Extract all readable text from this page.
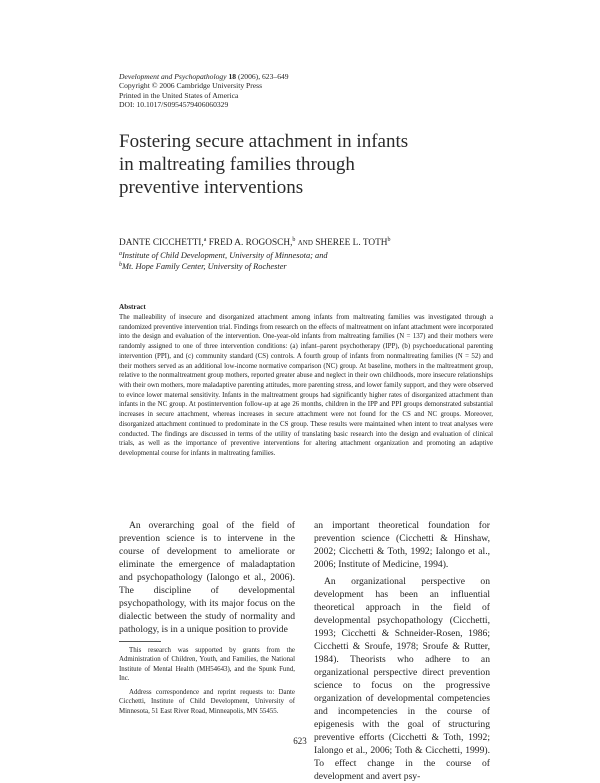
Development and Psychopathology 18 (2006), 623–649
Copyright © 2006 Cambridge University Press
Printed in the United States of America
DOI: 10.1017/S0954579406060329
Fostering secure attachment in infants
in maltreating families through
preventive interventions
DANTE CICCHETTI,$^a$ FRED A. ROGOSCH,$^b$ and SHEREE L. TOTH$^b$
$^a$Institute of Child Development, University of Minnesota; and
$^b$Mt. Hope Family Center, University of Rochester
Abstract
The malleability of insecure and disorganized attachment among infants from maltreating families was investigated through a randomized preventive intervention trial. Findings from research on the effects of maltreatment on infant attachment were incorporated into the design and evaluation of the intervention. One-year-old infants from maltreating families (N = 137) and their mothers were randomly assigned to one of three intervention conditions: (a) infant–parent psychotherapy (IPP), (b) psychoeducational parenting intervention (PPI), and (c) community standard (CS) controls. A fourth group of infants from nonmaltreating families (N = 52) and their mothers served as an additional low-income normative comparison (NC) group. At baseline, mothers in the maltreatment group, relative to the nonmaltreatment group mothers, reported greater abuse and neglect in their own childhoods, more insecure relationships with their own mothers, more maladaptive parenting attitudes, more parenting stress, and lower family support, and they were observed to evince lower maternal sensitivity. Infants in the maltreatment groups had significantly higher rates of disorganized attachment than infants in the NC group. At postintervention follow-up at age 26 months, children in the IPP and PPI groups demonstrated substantial increases in secure attachment, whereas increases in secure attachment were not found for the CS and NC groups. Moreover, disorganized attachment continued to predominate in the CS group. These results were maintained when intent to treat analyses were conducted. The findings are discussed in terms of the utility of translating basic research into the design and evaluation of clinical trials, as well as the importance of preventive interventions for altering attachment organization and promoting an adaptive developmental course for infants in maltreating families.

An overarching goal of the field of prevention science is to intervene in the course of development to ameliorate or eliminate the emergence of maladaptation and psychopathology (Ialongo et al., 2006). The discipline of developmental psychopathology, with its major focus on the dialectic between the study of normality and pathology, is in a unique position to provide

an important theoretical foundation for prevention science (Cicchetti & Hinshaw, 2002; Cicchetti & Toth, 1992; Ialongo et al., 2006; Institute of Medicine, 1994).

An organizational perspective on development has been an influential theoretical approach in the field of developmental psychopathology (Cicchetti, 1993; Cicchetti & Schneider-Rosen, 1986; Cicchetti & Sroufe, 1978; Sroufe & Rutter, 1984). Theorists who adhere to an organizational perspective direct prevention science to focus on the progressive organization of developmental competencies and incompetencies in the course of epigenesis with the goal of structuring preventive efforts (Cicchetti & Toth, 1992; Ialongo et al., 2006; Toth & Cicchetti, 1999). To effect change in the course of development and avert psy-

This research was supported by grants from the Administration of Children, Youth, and Families, the National Institute of Mental Health (MH54643), and the Spunk Fund, Inc.

Address correspondence and reprint requests to: Dante Cicchetti, Institute of Child Development, University of Minnesota, 51 East River Road, Minneapolis, MN 55455.

623
